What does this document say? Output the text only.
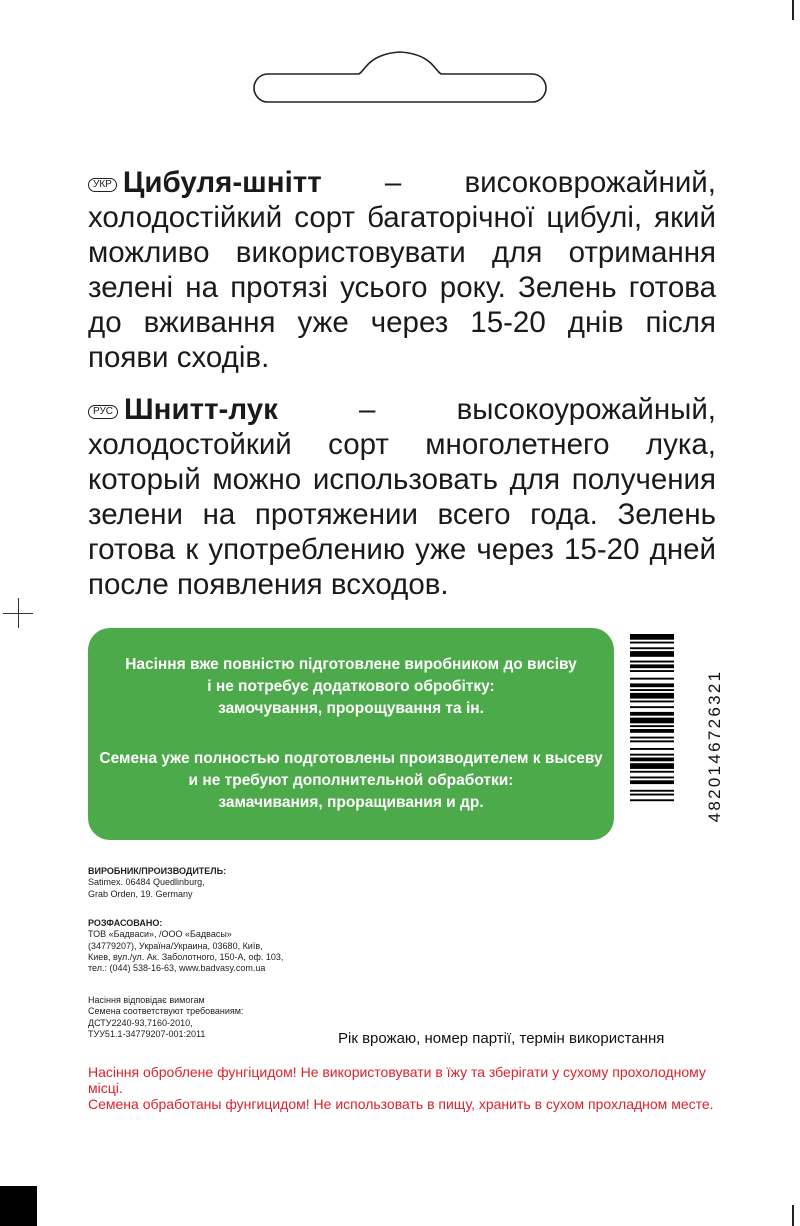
УКР Цибуля-шнітт – високоврожайний, холодостійкий сорт багаторічної цибулі, який можливо використовувати для отримання зелені на протязі усього року. Зелень готова до вживання уже через 15-20 днів після появи сходів.
РУС Шнитт-лук – высокоурожайный, холодостойкий сорт многолетнего лука, который можно использовать для получения зелени на протяжении всего года. Зелень готова к употреблению уже через 15-20 дней после появления всходов.

Насіння вже повністю підготовлене виробником до висіву

і не потребує додаткового обробітку:

замочування, пророщування та ін.

Семена уже полностью подготовлены производителем к высеву

и не требуют дополнительной обработки:

замачивания, проращивания и др.	4820146726321
ВИРОБНИК/ПРОИЗВОДИТЕЛЬ:
Satimex. 06484 Quedlinburg,
Grab Orden, 19. Germany
РОЗФАСОВАНО:
ТОВ «Бадваси», /ООО «Бадвасы»
(34779207), Україна/Украина, 03680, Київ,
Киев, вул./ул. Ак. Заболотного, 150-А, оф. 103,
тел.: (044) 538-16-63, www.badvasy.com.ua
Насіння відповідає вимогам
Семена соответствуют требованиям:
ДСТУ2240-93,7160-2010,
ТУУ51.1-34779207-001:2011	Рік врожаю, номер партії, термін використання
Насіння оброблене фунгіцидом! Не використовувати в їжу та зберігати у сухому прохолодному місці.
Семена обработаны фунгицидом! Не использовать в пищу, хранить в сухом прохладном месте.
